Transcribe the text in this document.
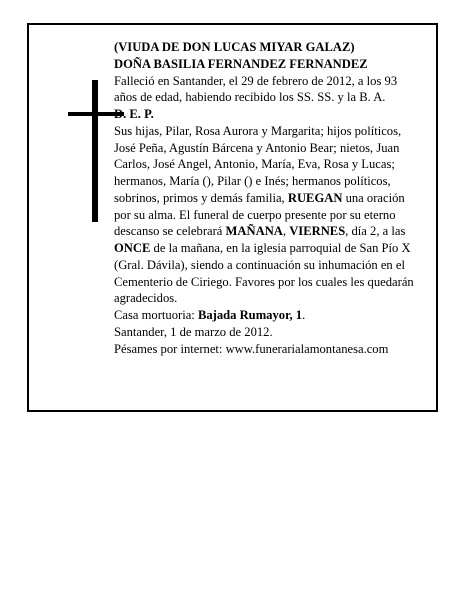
(VIUDA DE DON LUCAS MIYAR GALAZ)

DOÑA BASILIA FERNANDEZ FERNANDEZ

Falleció en Santander, el 29 de febrero de 2012, a los 93 años de edad, habiendo recibido los SS. SS. y la B. A.

D. E. P.

Sus hijas, Pilar, Rosa Aurora y Margarita; hijos políticos, José Peña, Agustín Bárcena y Antonio Bear; nietos, Juan Carlos, José Angel, Antonio, María, Eva, Rosa y Lucas; hermanos, María (), Pilar () e Inés; hermanos políticos, sobrinos, primos y demás familia, RUEGAN una oración por su alma. El funeral de cuerpo presente por su eterno descanso se celebrará MAÑANA, VIERNES, día 2, a las ONCE de la mañana, en la iglesia parroquial de San Pío X (Gral. Dávila), siendo a continuación su inhumación en el Cementerio de Ciriego. Favores por los cuales les quedarán agradecidos.

Casa mortuoria: Bajada Rumayor, 1.

Santander, 1 de marzo de 2012.

Pésames por internet: www.funerarialamontanesa.com
